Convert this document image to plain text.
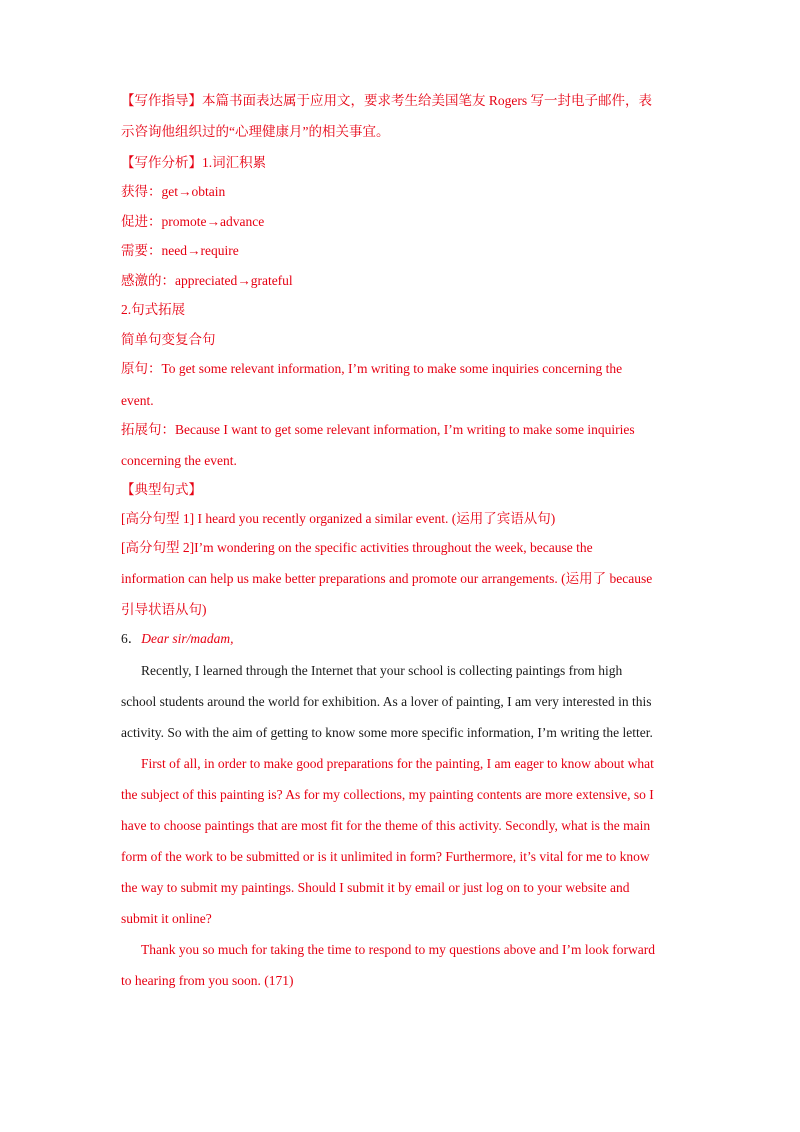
【写作指导】本篇书面表达属于应用文，要求考生给美国笔友 Rogers 写一封电子邮件，表
示咨询他组织过的“心理健康月”的相关事宜。
【写作分析】1.词汇积累
获得：get→obtain
促进：promote→advance
需要：need→require
感激的：appreciated→grateful
2.句式拓展
简单句变复合句
原句：To get some relevant information, I’m writing to make some inquiries concerning the
event.
拓展句：Because I want to get some relevant information, I’m writing to make some inquiries
concerning the event.
【典型句式】
[高分句型 1] I heard you recently organized a similar event. (运用了宾语从句)
[高分句型 2]I’m wondering on the specific activities throughout the week, because the
information can help us make better preparations and promote our arrangements. (运用了 because
引导状语从句)
6．Dear sir/madam,
Recently, I learned through the Internet that your school is collecting paintings from high
school students around the world for exhibition. As a lover of painting, I am very interested in this
activity. So with the aim of getting to know some more specific information, I’m writing the letter.
First of all, in order to make good preparations for the painting, I am eager to know about what
the subject of this painting is? As for my collections, my painting contents are more extensive, so I
have to choose paintings that are most fit for the theme of this activity. Secondly, what is the main
form of the work to be submitted or is it unlimited in form? Furthermore, it’s vital for me to know
the way to submit my paintings. Should I submit it by email or just log on to your website and
submit it online?
Thank you so much for taking the time to respond to my questions above and I’m look forward
to hearing from you soon. (171)
